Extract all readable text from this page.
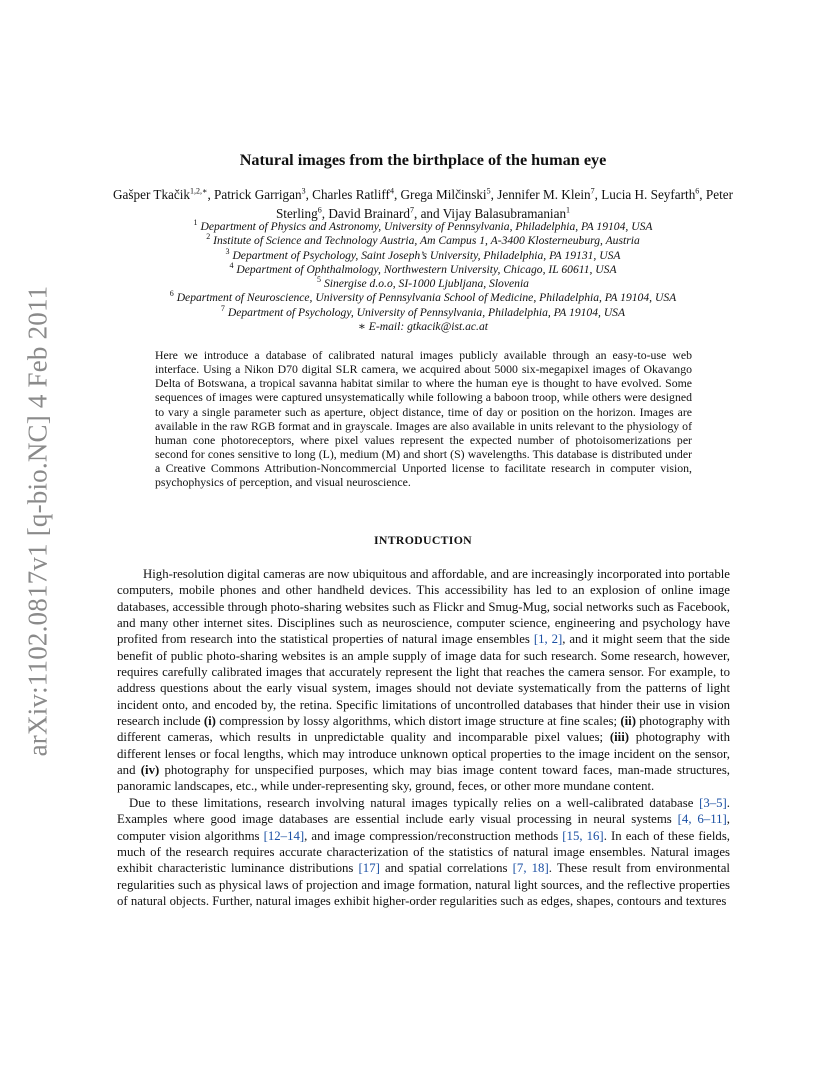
arXiv:1102.0817v1 [q-bio.NC] 4 Feb 2011
Natural images from the birthplace of the human eye
Gašper Tkačik$^{1,2,∗}$, Patrick Garrigan$^3$, Charles Ratliff$^4$, Grega Milčinski$^5$, Jennifer M. Klein$^7$, Lucia H. Seyfarth$^6$, Peter Sterling$^6$, David Brainard$^7$, and Vijay Balasubramanian$^1$
$^1$ Department of Physics and Astronomy, University of Pennsylvania, Philadelphia, PA 19104, USA
$^2$ Institute of Science and Technology Austria, Am Campus 1, A-3400 Klosterneuburg, Austria
$^3$ Department of Psychology, Saint Joseph’s University, Philadelphia, PA 19131, USA
$^4$ Department of Ophthalmology, Northwestern University, Chicago, IL 60611, USA
$^5$ Sinergise d.o.o, SI-1000 Ljubljana, Slovenia
$^6$ Department of Neuroscience, University of Pennsylvania School of Medicine, Philadelphia, PA 19104, USA
$^7$ Department of Psychology, University of Pennsylvania, Philadelphia, PA 19104, USA
∗ E-mail: gtkacik@ist.ac.at
Here we introduce a database of calibrated natural images publicly available through an easy-to-use web interface. Using a Nikon D70 digital SLR camera, we acquired about 5000 six-megapixel images of Okavango Delta of Botswana, a tropical savanna habitat similar to where the human eye is thought to have evolved. Some sequences of images were captured unsystematically while following a baboon troop, while others were designed to vary a single parameter such as aperture, object distance, time of day or position on the horizon. Images are available in the raw RGB format and in grayscale. Images are also available in units relevant to the physiology of human cone photoreceptors, where pixel values represent the expected number of photoisomerizations per second for cones sensitive to long (L), medium (M) and short (S) wavelengths. This database is distributed under a Creative Commons Attribution-Noncommercial Unported license to facilitate research in computer vision, psychophysics of perception, and visual neuroscience.
INTRODUCTION

High-resolution digital cameras are now ubiquitous and affordable, and are increasingly incorporated into portable computers, mobile phones and other handheld devices. This accessibility has led to an explosion of online image databases, accessible through photo-sharing websites such as Flickr and Smug-Mug, social networks such as Facebook, and many other internet sites. Disciplines such as neuroscience, computer science, engineering and psychology have profited from research into the statistical properties of natural image ensembles [1, 2], and it might seem that the side benefit of public photo-sharing websites is an ample supply of image data for such research. Some research, however, requires carefully calibrated images that accurately represent the light that reaches the camera sensor. For example, to address questions about the early visual system, images should not deviate systematically from the patterns of light incident onto, and encoded by, the retina. Specific limitations of uncontrolled databases that hinder their use in vision research include (i) compression by lossy algorithms, which distort image structure at fine scales; (ii) photography with different cameras, which results in unpredictable quality and incomparable pixel values; (iii) photography with different lenses or focal lengths, which may introduce unknown optical properties to the image incident on the sensor, and (iv) photography for unspecified purposes, which may bias image content toward faces, man-made structures, panoramic landscapes, etc., while under-representing sky, ground, feces, or other more mundane content.

Due to these limitations, research involving natural images typically relies on a well-calibrated database [3–5]. Examples where good image databases are essential include early visual processing in neural systems [4, 6–11], computer vision algorithms [12–14], and image compression/reconstruction methods [15, 16]. In each of these fields, much of the research requires accurate characterization of the statistics of natural image ensembles. Natural images exhibit characteristic luminance distributions [17] and spatial correlations [7, 18]. These result from environmental regularities such as physical laws of projection and image formation, natural light sources, and the reflective properties of natural objects. Further, natural images exhibit higher-order regularities such as edges, shapes, contours and textures
